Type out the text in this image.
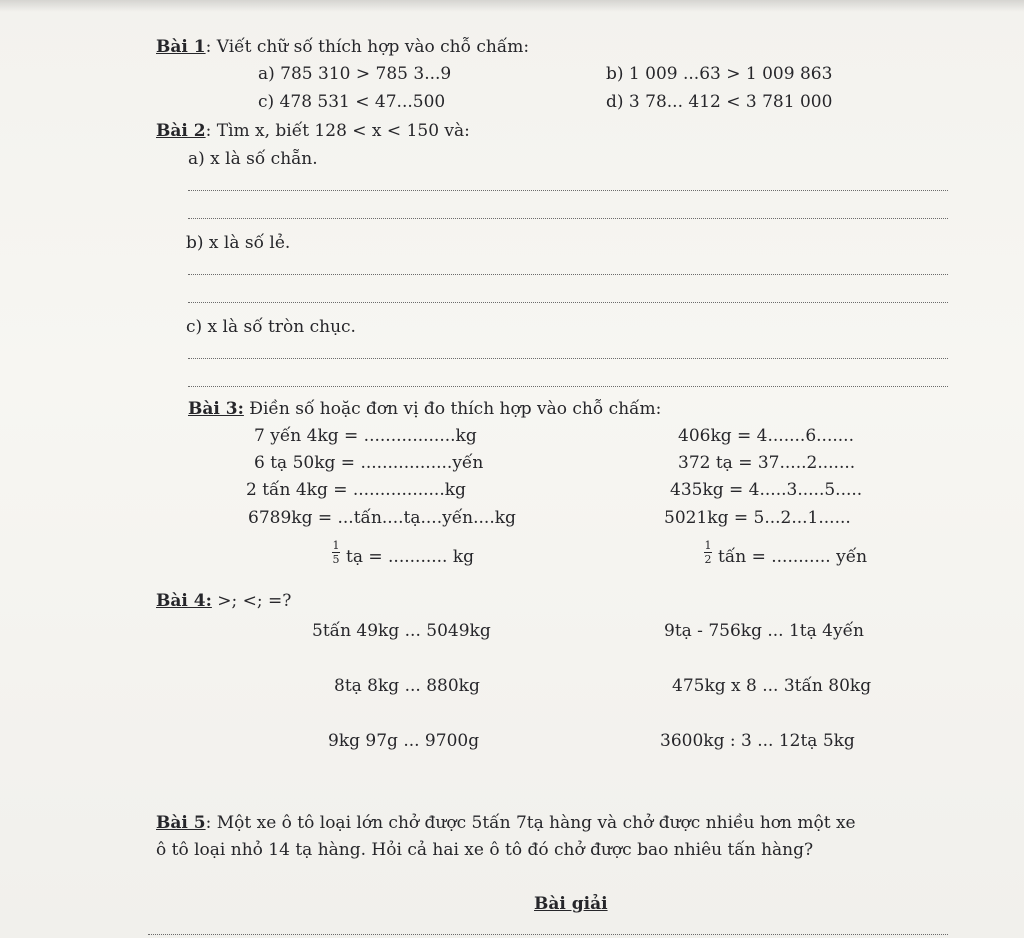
Bài 1: Viết chữ số thích hợp vào chỗ chấm:
a) 785 310 > 785 3...9	b) 1 009 ...63 > 1 009 863
c) 478 531 < 47...500	d) 3 78... 412 < 3 781 000
Bài 2: Tìm x, biết 128 < x < 150 và:
a) x là số chẵn.
b) x là số lẻ.
c) x là số tròn chục.
Bài 3: Điền số hoặc đơn vị đo thích hợp vào chỗ chấm:
7 yến 4kg = .................kg
6 tạ 50kg = .................yến
2 tấn 4kg = .................kg
6789kg = ...tấn....tạ....yến....kg
406kg = 4.......6.......
372 tạ = 37.....2.......
435kg = 4.....3.....5.....
5021kg = 5...2...1......
1
5 tạ = ........... kg
1
2 tấn = ........... yến
Bài 4: >; <; =?
5tấn 49kg ... 5049kg
8tạ 8kg ... 880kg
9kg 97g ... 9700g
9tạ - 756kg ... 1tạ 4yến
475kg x 8 ... 3tấn 80kg
3600kg : 3 ... 12tạ 5kg
Bài 5: Một xe ô tô loại lớn chở được 5tấn 7tạ hàng và chở được nhiều hơn một xe
ô tô loại nhỏ 14 tạ hàng. Hỏi cả hai xe ô tô đó chở được bao nhiêu tấn hàng?
Bài giải
